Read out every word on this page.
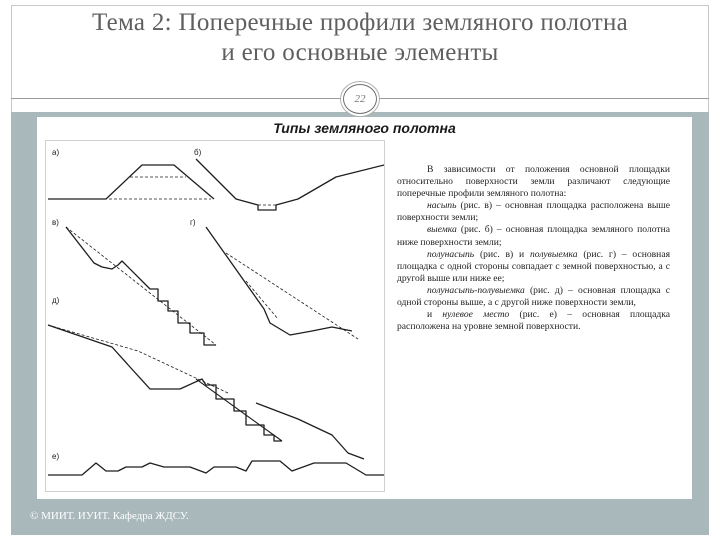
Тема 2: Поперечные профили земляного полотна
и его основные элементы
22
Типы земляного полотна
а)	б)
в)	г)
д)
е)

В зависимости от положения основной площадки относительно поверхности земли различают следующие поперечные профили земляного полотна:

насыпь (рис. в) – основная площадка расположена выше поверхности земли;

выемка (рис. б) – основная площадка земляного полотна ниже поверхности земли;

полунасыпь (рис. в) и полувыемка (рис. г) – основная площадка с одной стороны совпадает с земной поверхностью, а с другой выше или ниже ее;

полунасыпь-полувыемка (рис. д) – основная площадка с одной стороны выше, а с другой ниже поверхности земли,

и нулевое место (рис. е) – основная площадка расположена на уровне земной поверхности.

© МИИТ. ИУИТ. Кафедра ЖДСУ.
